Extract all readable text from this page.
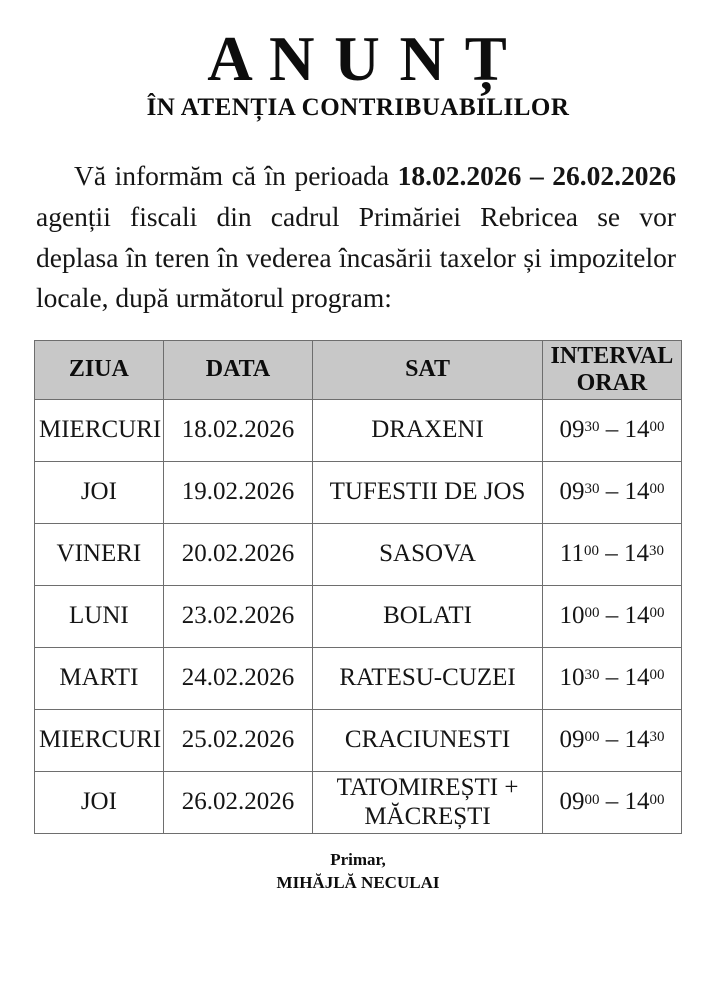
A N U N Ț
ÎN ATENȚIA CONTRIBUABILILOR

Vă informăm că în perioada 18.02.2026 – 26.02.2026 agenții fiscali din cadrul Primăriei Rebricea se vor deplasa în teren în vederea încasării taxelor și impozitelor locale, după următorul program:

ZIUA	DATA	SAT	INTERVAL ORAR
MIERCURI	18.02.2026	DRAXENI	$09^{30} - 14^{00}$
JOI	19.02.2026	TUFESTII DE JOS	$09^{30} - 14^{00}$
VINERI	20.02.2026	SASOVA	$11^{00} - 14^{30}$
LUNI	23.02.2026	BOLATI	$10^{00} - 14^{00}$
MARTI	24.02.2026	RATESU-CUZEI	$10^{30} - 14^{00}$
MIERCURI	25.02.2026	CRACIUNESTI	$09^{00} - 14^{30}$
JOI	26.02.2026	TATOMIREȘTI + MĂCREȘTI	$09^{00} - 14^{00}$
Primar,
MIHĂJLĂ NECULAI
